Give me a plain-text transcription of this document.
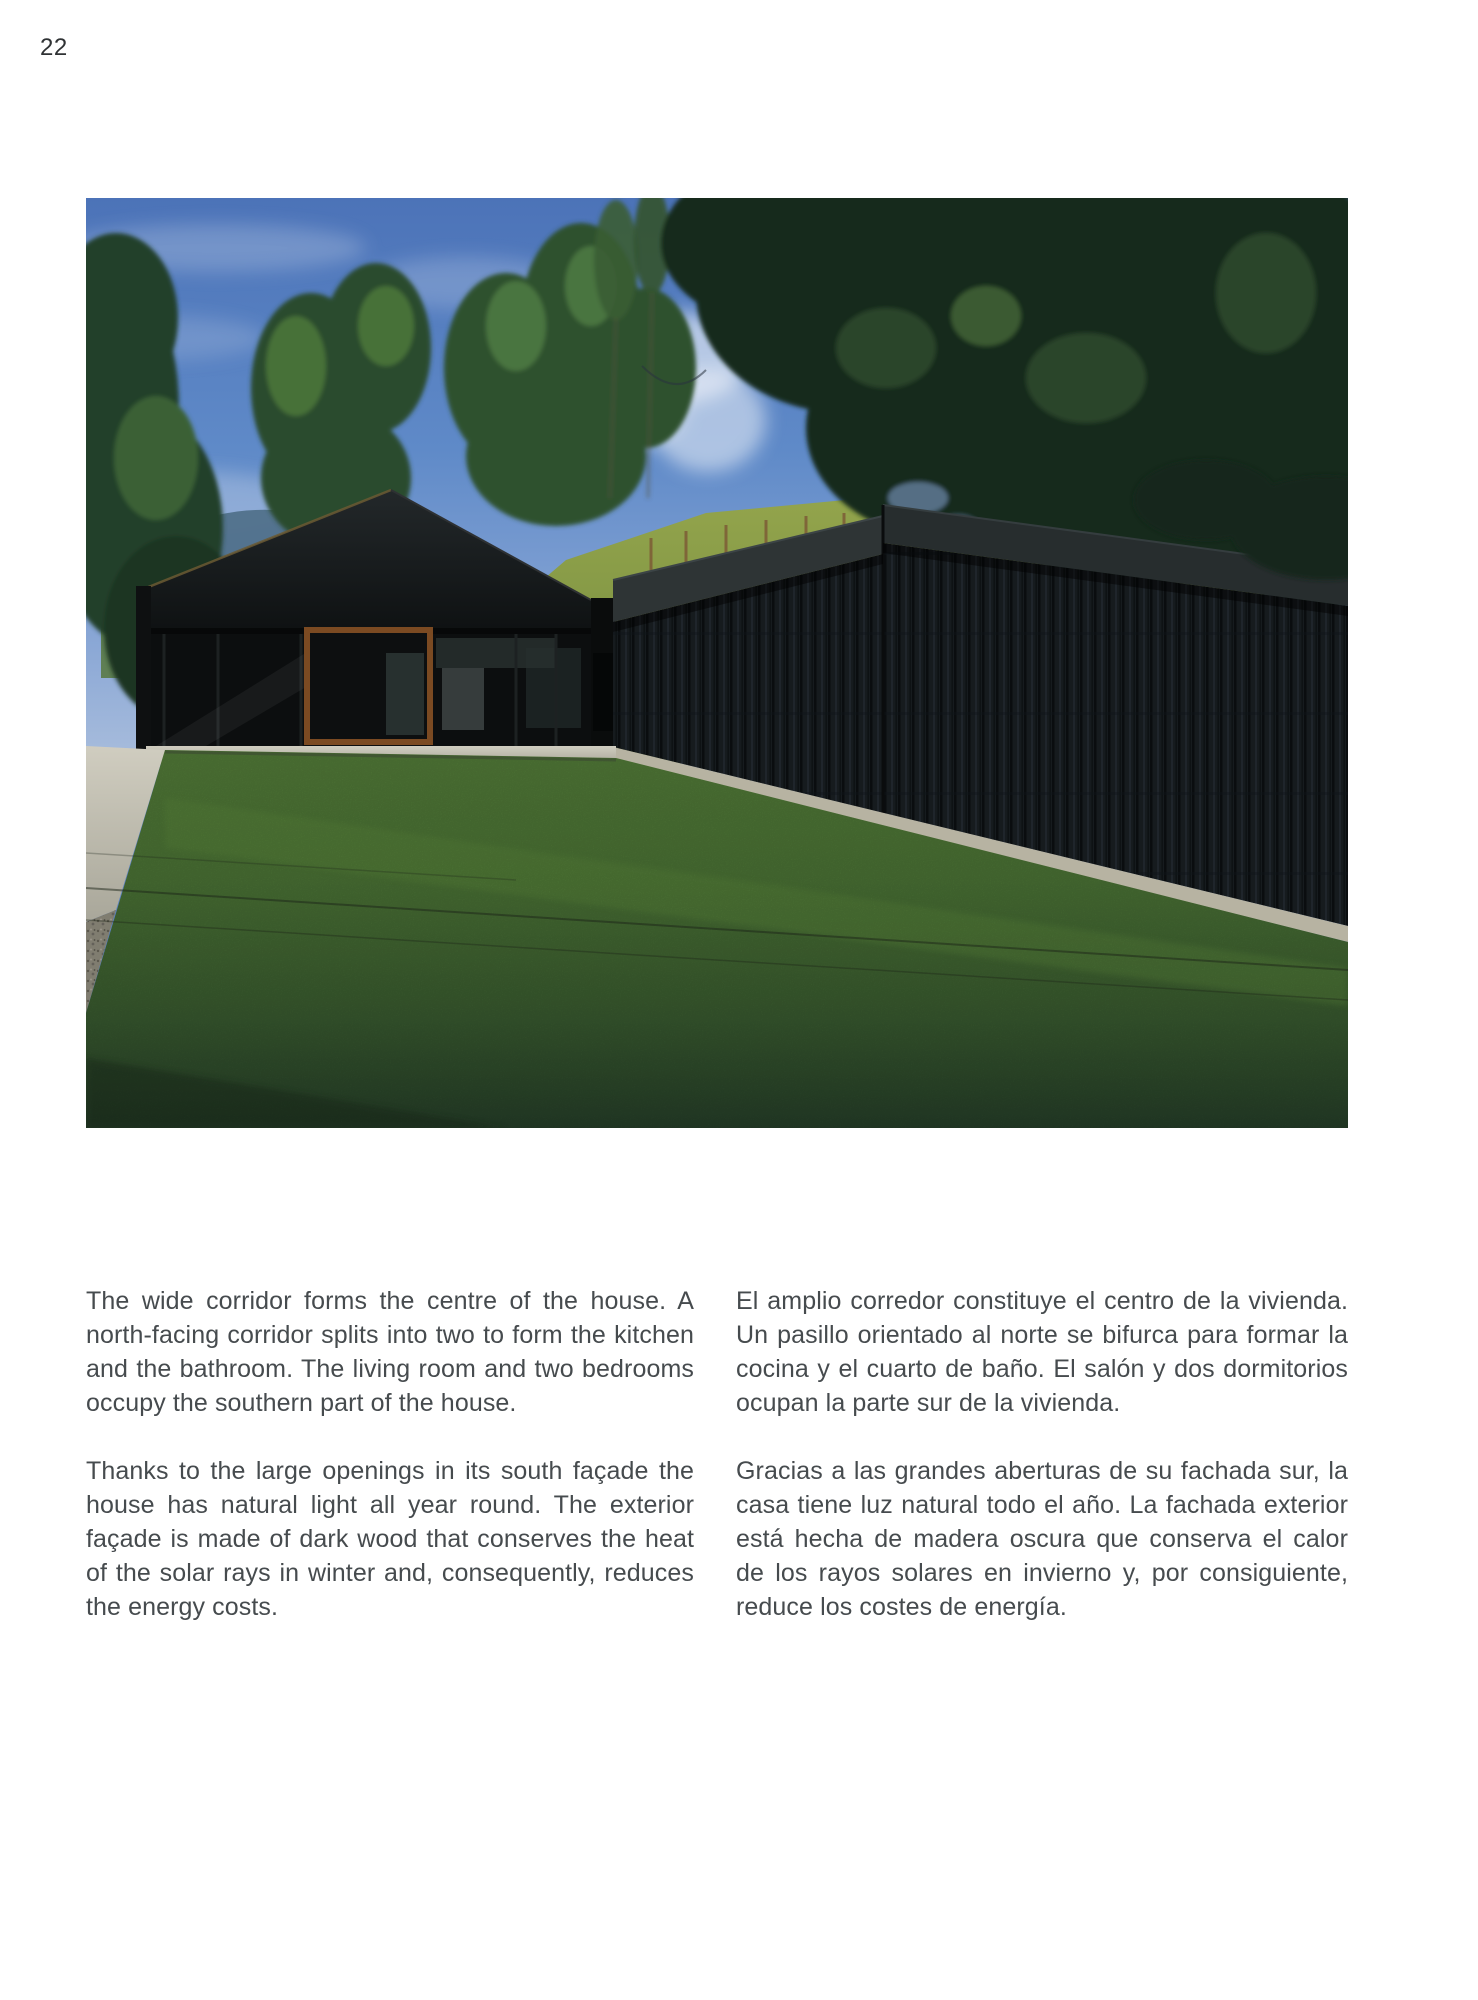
22

The wide corridor forms the centre of the house. A north-facing corridor splits into two to form the kitchen and the bathroom. The living room and two bedrooms occupy the southern part of the house.

Thanks to the large openings in its south façade the house has natural light all year round. The exterior façade is made of dark wood that conserves the heat of the solar rays in winter and, consequently, reduces the energy costs.

El amplio corredor constituye el centro de la vivienda. Un pasillo orientado al norte se bifurca para formar la cocina y el cuarto de baño. El salón y dos dormitorios ocupan la parte sur de la vivienda.

Gracias a las grandes aberturas de su fachada sur, la casa tiene luz natural todo el año. La fachada exterior está hecha de madera oscura que conserva el calor de los rayos solares en invierno y, por consiguiente, reduce los costes de energía.
